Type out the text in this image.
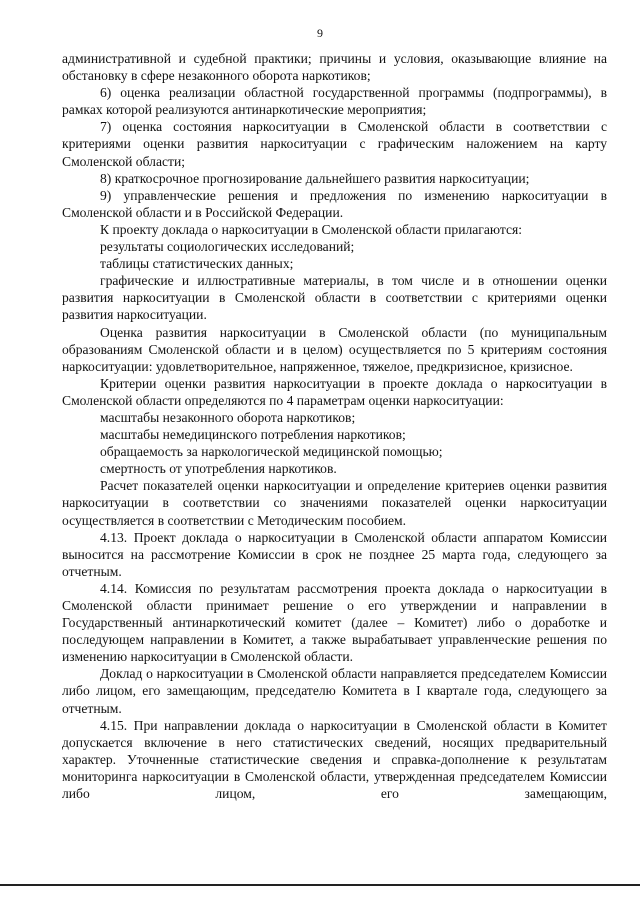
9

административной и судебной практики; причины и условия, оказывающие влияние на обстановку в сфере незаконного оборота наркотиков;

6) оценка реализации областной государственной программы (подпрограммы), в рамках которой реализуются антинаркотические мероприятия;

7) оценка состояния наркоситуации в Смоленской области в соответствии с критериями оценки развития наркоситуации с графическим наложением на карту Смоленской области;

8) краткосрочное прогнозирование дальнейшего развития наркоситуации;

9) управленческие решения и предложения по изменению наркоситуации в Смоленской области и в Российской Федерации.

К проекту доклада о наркоситуации в Смоленской области прилагаются:

результаты социологических исследований;

таблицы статистических данных;

графические и иллюстративные материалы, в том числе и в отношении оценки развития наркоситуации в Смоленской области в соответствии с критериями оценки развития наркоситуации.

Оценка развития наркоситуации в Смоленской области (по муниципальным образованиям Смоленской области и в целом) осуществляется по 5 критериям состояния наркоситуации: удовлетворительное, напряженное, тяжелое, предкризисное, кризисное.

Критерии оценки развития наркоситуации в проекте доклада о наркоситуации в Смоленской области определяются по 4 параметрам оценки наркоситуации:

масштабы незаконного оборота наркотиков;

масштабы немедицинского потребления наркотиков;

обращаемость за наркологической медицинской помощью;

смертность от употребления наркотиков.

Расчет показателей оценки наркоситуации и определение критериев оценки развития наркоситуации в соответствии со значениями показателей оценки наркоситуации осуществляется в соответствии с Методическим пособием.

4.13. Проект доклада о наркоситуации в Смоленской области аппаратом Комиссии выносится на рассмотрение Комиссии в срок не позднее 25 марта года, следующего за отчетным.

4.14. Комиссия по результатам рассмотрения проекта доклада о наркоситуации в Смоленской области принимает решение о его утверждении и направлении в Государственный антинаркотический комитет (далее – Комитет) либо о доработке и последующем направлении в Комитет, а также вырабатывает управленческие решения по изменению наркоситуации в Смоленской области.

Доклад о наркоситуации в Смоленской области направляется председателем Комиссии либо лицом, его замещающим, председателю Комитета в I квартале года, следующего за отчетным.

4.15. При направлении доклада о наркоситуации в Смоленской области в Комитет допускается включение в него статистических сведений, носящих предварительный характер. Уточненные статистические сведения и справка-дополнение к результатам мониторинга наркоситуации в Смоленской области, утвержденная председателем Комиссии либо лицом, его замещающим,
